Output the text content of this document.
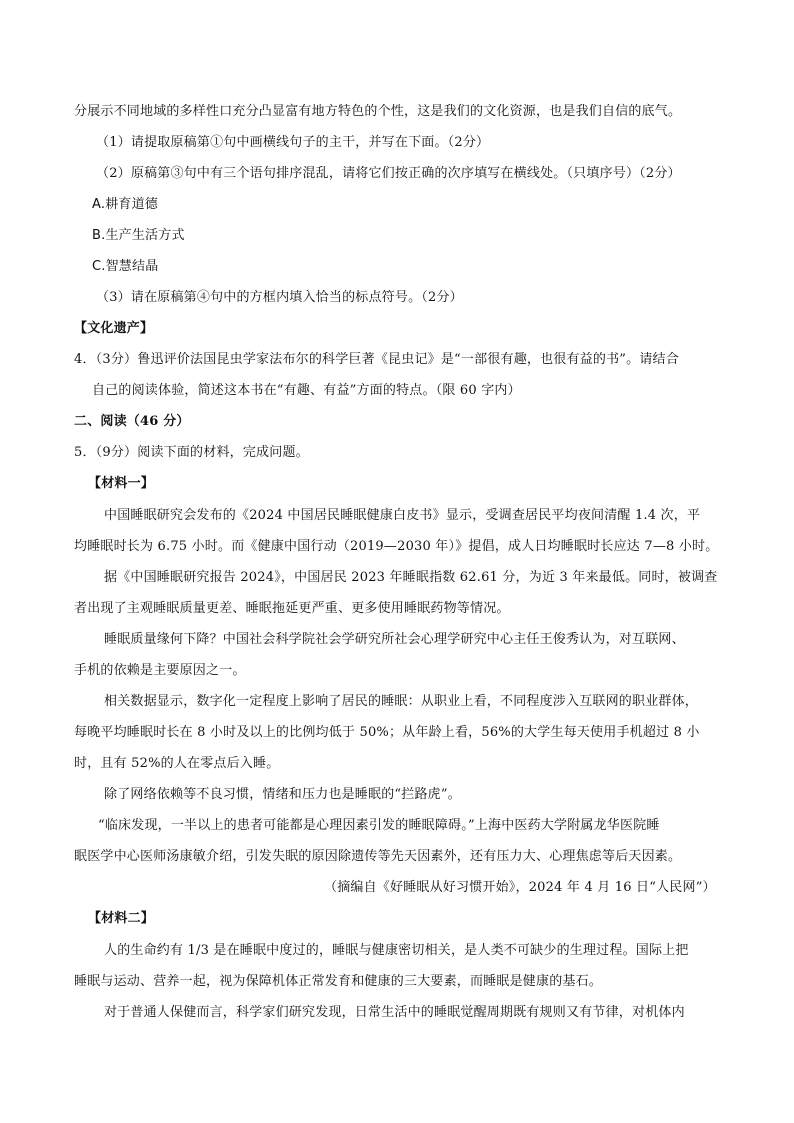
分展示不同地域的多样性口充分凸显富有地方特色的个性，这是我们的文化资源，也是我们自信的底气。
（1）请提取原稿第①句中画横线句子的主干，并写在下面。（2分）
（2）原稿第③句中有三个语句排序混乱，请将它们按正确的次序填写在横线处。（只填序号）（2分）
A.耕育道德
B.生产生活方式
C.智慧结晶
（3）请在原稿第④句中的方框内填入恰当的标点符号。（2分）
【文化遗产】
4．（3分）鲁迅评价法国昆虫学家法布尔的科学巨著《昆虫记》是“一部很有趣，也很有益的书”。请结合
自己的阅读体验，简述这本书在“有趣、有益”方面的特点。（限 60 字内）
二、阅读（46 分）
5．（9分）阅读下面的材料，完成问题。
【材料一】
中国睡眠研究会发布的《2024 中国居民睡眠健康白皮书》显示，受调查居民平均夜间清醒 1.4 次，平
均睡眠时长为 6.75 小时。而《健康中国行动（2019—2030 年）》提倡，成人日均睡眠时长应达 7—8 小时。
据《中国睡眠研究报告 2024》，中国居民 2023 年睡眠指数 62.61 分，为近 3 年来最低。同时，被调查
者出现了主观睡眠质量更差、睡眠拖延更严重、更多使用睡眠药物等情况。
睡眠质量缘何下降？中国社会科学院社会学研究所社会心理学研究中心主任王俊秀认为，对互联网、
手机的依赖是主要原因之一。
相关数据显示，数字化一定程度上影响了居民的睡眠：从职业上看，不同程度涉入互联网的职业群体，
每晚平均睡眠时长在 8 小时及以上的比例均低于 50%；从年龄上看，56%的大学生每天使用手机超过 8 小
时，且有 52%的人在零点后入睡。
除了网络依赖等不良习惯，情绪和压力也是睡眠的“拦路虎”。
“临床发现，一半以上的患者可能都是心理因素引发的睡眠障碍。”上海中医药大学附属龙华医院睡
眠医学中心医师汤康敏介绍，引发失眠的原因除遗传等先天因素外，还有压力大、心理焦虑等后天因素。
（摘编自《好睡眠从好习惯开始》，2024 年 4 月 16 日“人民网”）
【材料二】
人的生命约有 1/3 是在睡眠中度过的，睡眠与健康密切相关，是人类不可缺少的生理过程。国际上把
睡眠与运动、营养一起，视为保障机体正常发育和健康的三大要素，而睡眠是健康的基石。
对于普通人保健而言，科学家们研究发现，日常生活中的睡眠觉醒周期既有规则又有节律，对机体内
